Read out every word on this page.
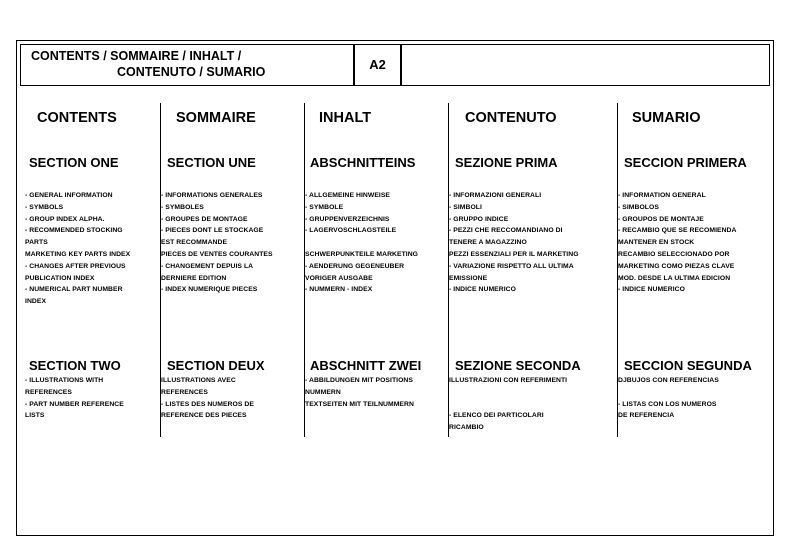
CONTENTS / SOMMAIRE / INHALT /
CONTENUTO / SUMARIO	A2
CONTENTS
SECTION ONE
- GENERAL INFORMATION
- SYMBOLS
- GROUP INDEX ALPHA.
- RECOMMENDED STOCKING
PARTS
MARKETING KEY PARTS INDEX
- CHANGES AFTER PREVIOUS
PUBLICATION INDEX
- NUMERICAL PART NUMBER
INDEX
SECTION TWO
- ILLUSTRATIONS WITH
REFERENCES
- PART NUMBER REFERENCE
LISTS
SOMMAIRE
SECTION UNE
- INFORMATIONS GENERALES
- SYMBOLES
- GROUPES DE MONTAGE
- PIECES DONT LE STOCKAGE
EST RECOMMANDE
PIECES DE VENTES COURANTES
- CHANGEMENT DEPUIS LA
DERNIERE EDITION
- INDEX NUMERIQUE PIECES
SECTION DEUX
ILLUSTRATIONS AVEC
REFERENCES
- LISTES DES NUMEROS DE
REFERENCE DES PIECES
INHALT
ABSCHNITTEINS
- ALLGEMEINE HINWEISE
- SYMBOLE
- GRUPPENVERZEICHNIS
- LAGERVOSCHLAGSTEILE

SCHWERPUNKTEILE MARKETING
- AENDERUNG GEGENEUBER
VORIGER AUSGABE
- NUMMERN - INDEX
ABSCHNITT ZWEI
- ABBILDUNGEN MIT POSITIONS
NUMMERN
TEXTSEITEN MIT TEILNUMMERN
CONTENUTO
SEZIONE PRIMA
- INFORMAZIONI GENERALI
- SIMBOLI
- GRUPPO INDICE
- PEZZI CHE RECCOMANDIANO DI
TENERE A MAGAZZINO
PEZZI ESSENZIALI PER IL MARKETING
- VARIAZIONE RISPETTO ALL ULTIMA
EMISSIONE
- INDICE NUMERICO
SEZIONE SECONDA
ILLUSTRAZIONI CON REFERIMENTI

- ELENCO DEI PARTICOLARI
RICAMBIO
SUMARIO
SECCION PRIMERA
- INFORMATION GENERAL
- SIMBOLOS
- GROUPOS DE MONTAJE
- RECAMBIO QUE SE RECOMIENDA
MANTENER EN STOCK
RECAMBIO SELECCIONADO POR
MARKETING COMO PIEZAS CLAVE
MOD. DESDE LA ULTIMA EDICION
- INDICE NUMERICO
SECCION SEGUNDA
DJBUJOS CON REFERENCIAS

- LISTAS CON LOS NUMEROS
DE REFERENCIA
